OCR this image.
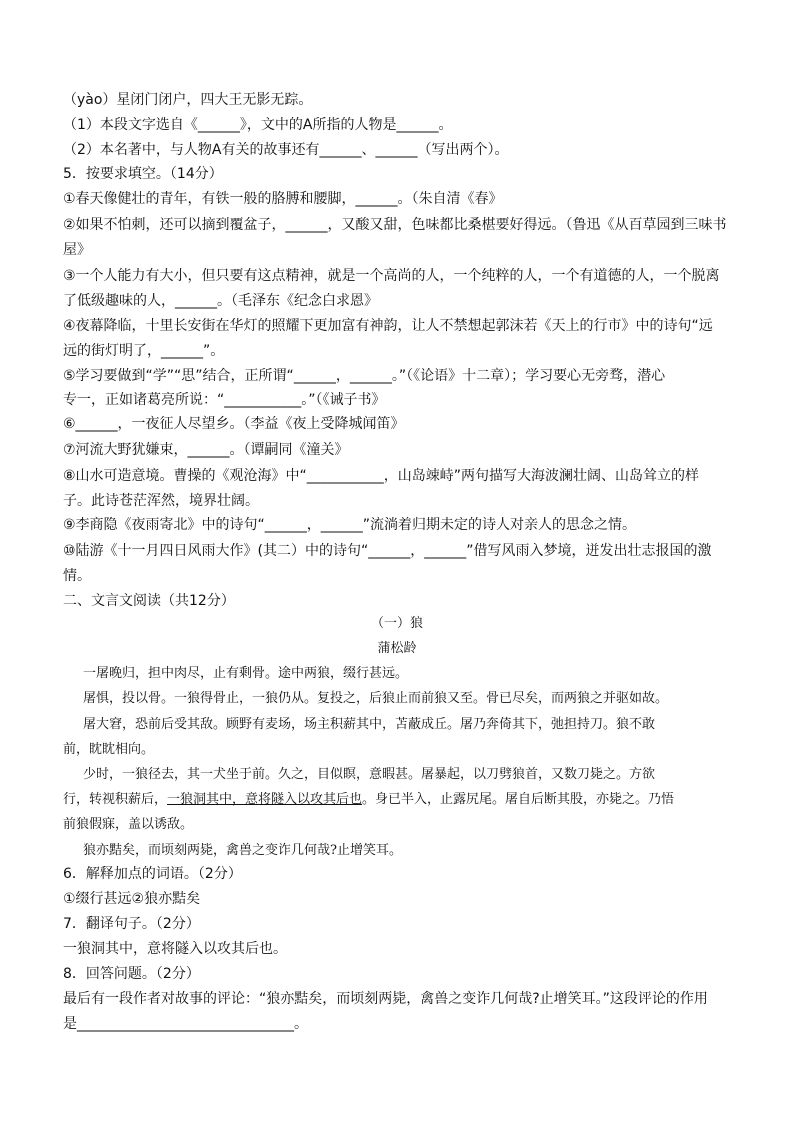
（yào）星闭门闭户，四大王无影无踪。
（1）本段文字选自《______》，文中的A所指的人物是______。
（2）本名著中，与人物A有关的故事还有______、______（写出两个）。
5．按要求填空。（14分）
①春天像健壮的青年，有铁一般的胳膊和腰脚，______。（朱自清《春》
②如果不怕刺，还可以摘到覆盆子，______，又酸又甜，色味都比桑椹要好得远。（鲁迅《从百草园到三味书
屋》
③一个人能力有大小，但只要有这点精神，就是一个高尚的人，一个纯粹的人，一个有道德的人，一个脱离
了低级趣味的人，______。（毛泽东《纪念白求恩》
④夜幕降临，十里长安街在华灯的照耀下更加富有神韵，让人不禁想起郭沫若《天上的行市》中的诗句“远
远的街灯明了，______”。
⑤学习要做到“学”“思”结合，正所谓“______，______。”（《论语》十二章）；学习要心无旁骛，潜心
专一，正如诸葛亮所说：“___________。”（《诫子书》
⑥______，一夜征人尽望乡。（李益《夜上受降城闻笛》
⑦河流大野犹嫌束，______。（谭嗣同《潼关》
⑧山水可造意境。曹操的《观沧海》中“___________，山岛竦峙”两句描写大海波澜壮阔、山岛耸立的样
子。此诗苍茫浑然，境界壮阔。
⑨李商隐《夜雨寄北》中的诗句“______，______”流淌着归期未定的诗人对亲人的思念之情。
⑩陆游《十一月四日风雨大作》(其二）中的诗句“______，______”借写风雨入梦境，迸发出壮志报国的激
情。
二、文言文阅读（共12分）
（一）狼
蒲松龄
一屠晚归，担中肉尽，止有剩骨。途中两狼，缀行甚远。
屠惧，投以骨。一狼得骨止，一狼仍从。复投之，后狼止而前狼又至。骨已尽矣，而两狼之并驱如故。
屠大窘，恐前后受其敌。顾野有麦场，场主积薪其中，苫蔽成丘。屠乃奔倚其下，弛担持刀。狼不敢
前，眈眈相向。
少时，一狼径去，其一犬坐于前。久之，目似瞑，意暇甚。屠暴起，以刀劈狼首，又数刀毙之。方欲
行，转视积薪后，一狼洞其中，意将隧入以攻其后也。身已半入，止露尻尾。屠自后断其股，亦毙之。乃悟
前狼假寐，盖以诱敌。
狼亦黠矣，而顷刻两毙，禽兽之变诈几何哉?止增笑耳。
6．解释加点的词语。（2分）
①缀行甚远②狼亦黠矣
7．翻译句子。（2分）
一狼洞其中，意将隧入以攻其后也。
8．回答问题。（2分）
最后有一段作者对故事的评论：“狼亦黠矣，而顷刻两毙，禽兽之变诈几何哉?止增笑耳。”这段评论的作用
是_______________________________。
